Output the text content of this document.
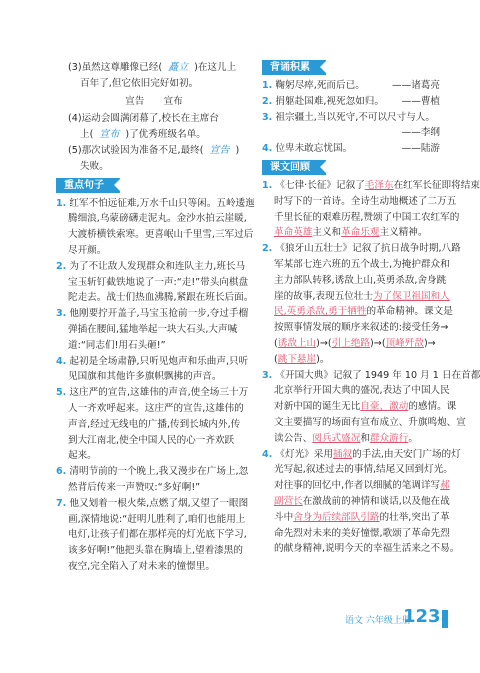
(3)虽然这尊雕像已经( 矗立 )在这儿上
百年了,但它依旧完好如初。
宣告　　宣布
(4)运动会圆满闭幕了,校长在主席台
上( 宣布 )了优秀班级名单。
(5)那次试验因为准备不足,最终( 宣告 )
失败。
重点句子
1. 红军不怕远征难,万水千山只等闲。五岭逶迤
腾细浪,乌蒙磅礴走泥丸。金沙水拍云崖暖,
大渡桥横铁索寒。更喜岷山千里雪,三军过后
尽开颜。
2. 为了不让敌人发现群众和连队主力,班长马
宝玉斩钉截铁地说了一声:“走!”带头向棋盘
陀走去。战士们热血沸腾,紧跟在班长后面。
3. 他刚要拧开盖子,马宝玉抢前一步,夺过手榴
弹插在腰间,猛地举起一块大石头,大声喊
道:“同志们!用石头砸!”
4. 起初是全场肃静,只听见炮声和乐曲声,只听
见国旗和其他许多旗帜飘拂的声音。
5. 这庄严的宣告,这雄伟的声音,使全场三十万
人一齐欢呼起来。这庄严的宣告,这雄伟的
声音,经过无线电的广播,传到长城内外,传
到大江南北,使全中国人民的心一齐欢跃
起来。
6. 清明节前的一个晚上,我又漫步在广场上,忽
然背后传来一声赞叹:“多好啊!”
7. 他又划着一根火柴,点燃了烟,又望了一眼图
画,深情地说:“赶明儿胜利了,咱们也能用上
电灯,让孩子们都在那样亮的灯光底下学习,
该多好啊!”他把头靠在胸墙上,望着漆黑的
夜空,完全陷入了对未来的憧憬里。
背诵积累
1. 鞠躬尽瘁,死而后已。	——诸葛亮
2. 捐躯赴国难,视死忽如归。 ——曹植
3. 祖宗疆土,当以死守,不可以尺寸与人。
——李纲
4. 位卑未敢忘忧国。	——陆游
课文回顾
1. 《七律·长征》记叙了毛泽东在红军长征即将结束
时写下的一首诗。全诗生动地概述了二万五
千里长征的艰难历程,赞颂了中国工农红军的
革命英雄主义和革命乐观主义精神。
2. 《狼牙山五壮士》记叙了抗日战争时期,八路
军某部七连六班的五个战士,为掩护群众和
主力部队转移,诱敌上山,英勇杀敌,舍身跳
崖的故事,表现五位壮士为了保卫祖国和人
民,英勇杀敌,勇于牺牲的革命精神。课文是
按照事情发展的顺序来叙述的:接受任务→
(诱敌上山)→(引上绝路)→(顶峰歼敌)→
(跳下悬崖)。
3. 《开国大典》记叙了 1949 年 10 月 1 日在首都
北京举行开国大典的盛况,表达了中国人民
对新中国的诞生无比自豪、激动的感情。课
文主要描写的场面有宣布成立、升旗鸣炮、宣
读公告、阅兵式盛况和群众游行。
4. 《灯光》采用插叙的手法,由天安门广场的灯
光写起,叙述过去的事情,结尾又回到灯光。
对往事的回忆中,作者以细腻的笔调详写郝
副营长在激战前的神情和谈话,以及他在战
斗中舍身为后续部队引路的壮举,突出了革
命先烈对未来的美好憧憬,歌颂了革命先烈
的献身精神,说明今天的幸福生活来之不易。
语文 六年级上册
123
